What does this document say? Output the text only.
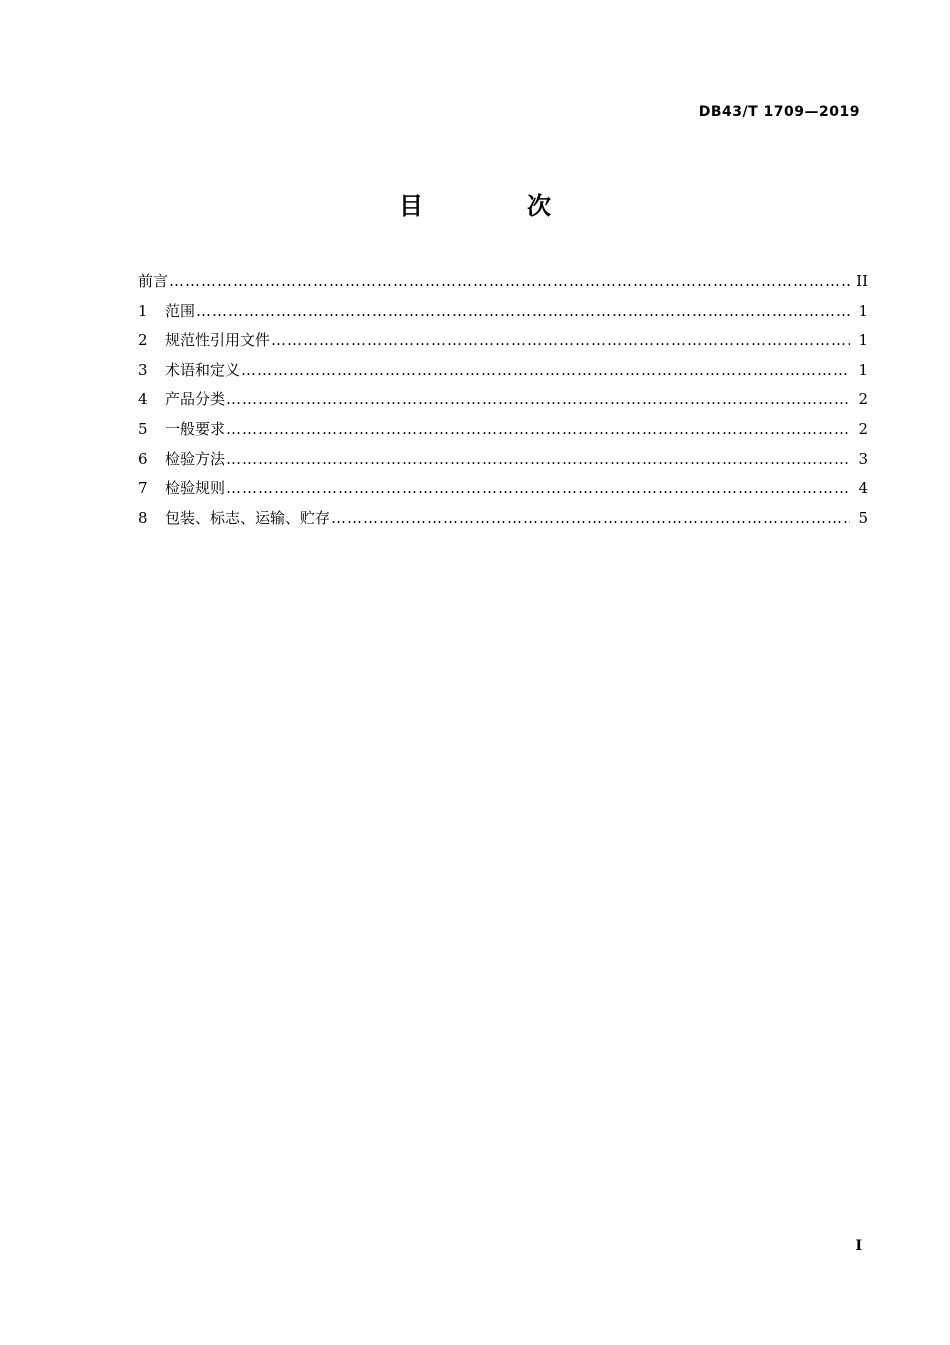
DB43/T 1709—2019
目　次
前言 …………………………………………………………………………………………………………………………………………………………………………………………	II
1	范围 …………………………………………………………………………………………………………………………………………………………………………………………	1
2	规范性引用文件 …………………………………………………………………………………………………………………………………………………………………………………………	1
3	术语和定义 …………………………………………………………………………………………………………………………………………………………………………………………	1
4	产品分类 …………………………………………………………………………………………………………………………………………………………………………………………	2
5	一般要求 …………………………………………………………………………………………………………………………………………………………………………………………	2
6	检验方法 …………………………………………………………………………………………………………………………………………………………………………………………	3
7	检验规则 …………………………………………………………………………………………………………………………………………………………………………………………	4
8	包装、标志、运输、贮存 …………………………………………………………………………………………………………………………………………………………………………………………	5
I
